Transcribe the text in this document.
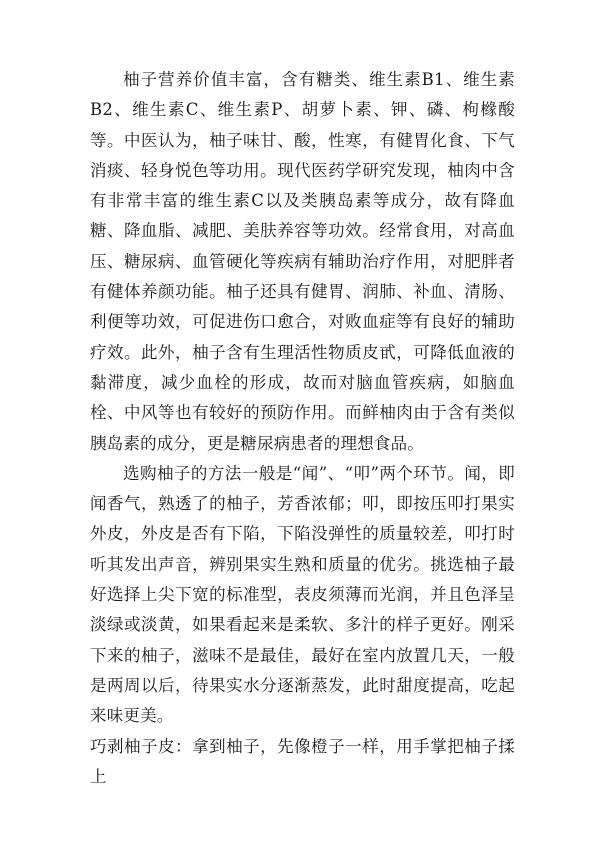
柚子营养价值丰富，含有糖类、维生素B1、维生素B2、维生素C、维生素P、胡萝卜素、钾、磷、枸橼酸等。中医认为，柚子味甘、酸，性寒，有健胃化食、下气消痰、轻身悦色等功用。现代医药学研究发现，柚肉中含有非常丰富的维生素C以及类胰岛素等成分，故有降血糖、降血脂、减肥、美肤养容等功效。经常食用，对高血压、糖尿病、血管硬化等疾病有辅助治疗作用，对肥胖者有健体养颜功能。柚子还具有健胃、润肺、补血、清肠、利便等功效，可促进伤口愈合，对败血症等有良好的辅助疗效。此外，柚子含有生理活性物质皮甙，可降低血液的黏滞度，减少血栓的形成，故而对脑血管疾病，如脑血栓、中风等也有较好的预防作用。而鲜柚肉由于含有类似胰岛素的成分，更是糖尿病患者的理想食品。

选购柚子的方法一般是“闻”、“叩”两个环节。闻，即闻香气，熟透了的柚子，芳香浓郁；叩，即按压叩打果实外皮，外皮是否有下陷，下陷没弹性的质量较差，叩打时听其发出声音，辨别果实生熟和质量的优劣。挑选柚子最好选择上尖下宽的标准型，表皮须薄而光润，并且色泽呈淡绿或淡黄，如果看起来是柔软、多汁的样子更好。刚采下来的柚子，滋味不是最佳，最好在室内放置几天，一般是两周以后，待果实水分逐渐蒸发，此时甜度提高，吃起来味更美。

巧剥柚子皮：拿到柚子，先像橙子一样，用手掌把柚子揉上
